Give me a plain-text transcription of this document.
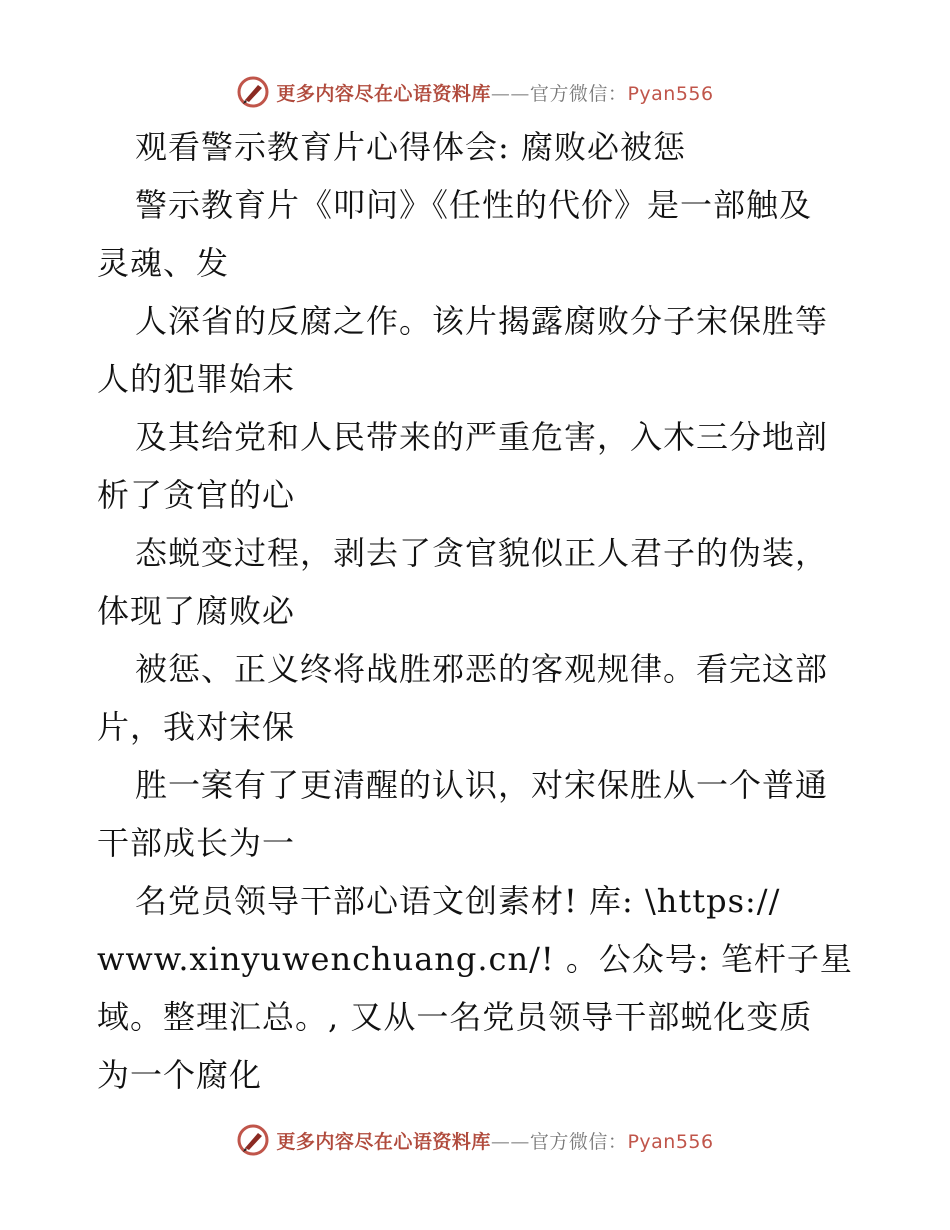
更多内容尽在心语资料库——官方微信：Pyan556
观看警示教育片心得体会: 腐败必被惩
警示教育片《叩问》《任性的代价》是一部触及
灵魂、发
人深省的反腐之作。该片揭露腐败分子宋保胜等
人的犯罪始末
及其给党和人民带来的严重危害，入木三分地剖
析了贪官的心
态蜕变过程，剥去了贪官貌似正人君子的伪装，
体现了腐败必
被惩、正义终将战胜邪恶的客观规律。看完这部
片，我对宋保
胜一案有了更清醒的认识，对宋保胜从一个普通
干部成长为一
名党员领导干部心语文创素材! 库: \https://
www.xinyuwenchuang.cn/! 。公众号: 笔杆子星
域。整理汇总。, 又从一名党员领导干部蜕化变质
为一个腐化
更多内容尽在心语资料库——官方微信：Pyan556
